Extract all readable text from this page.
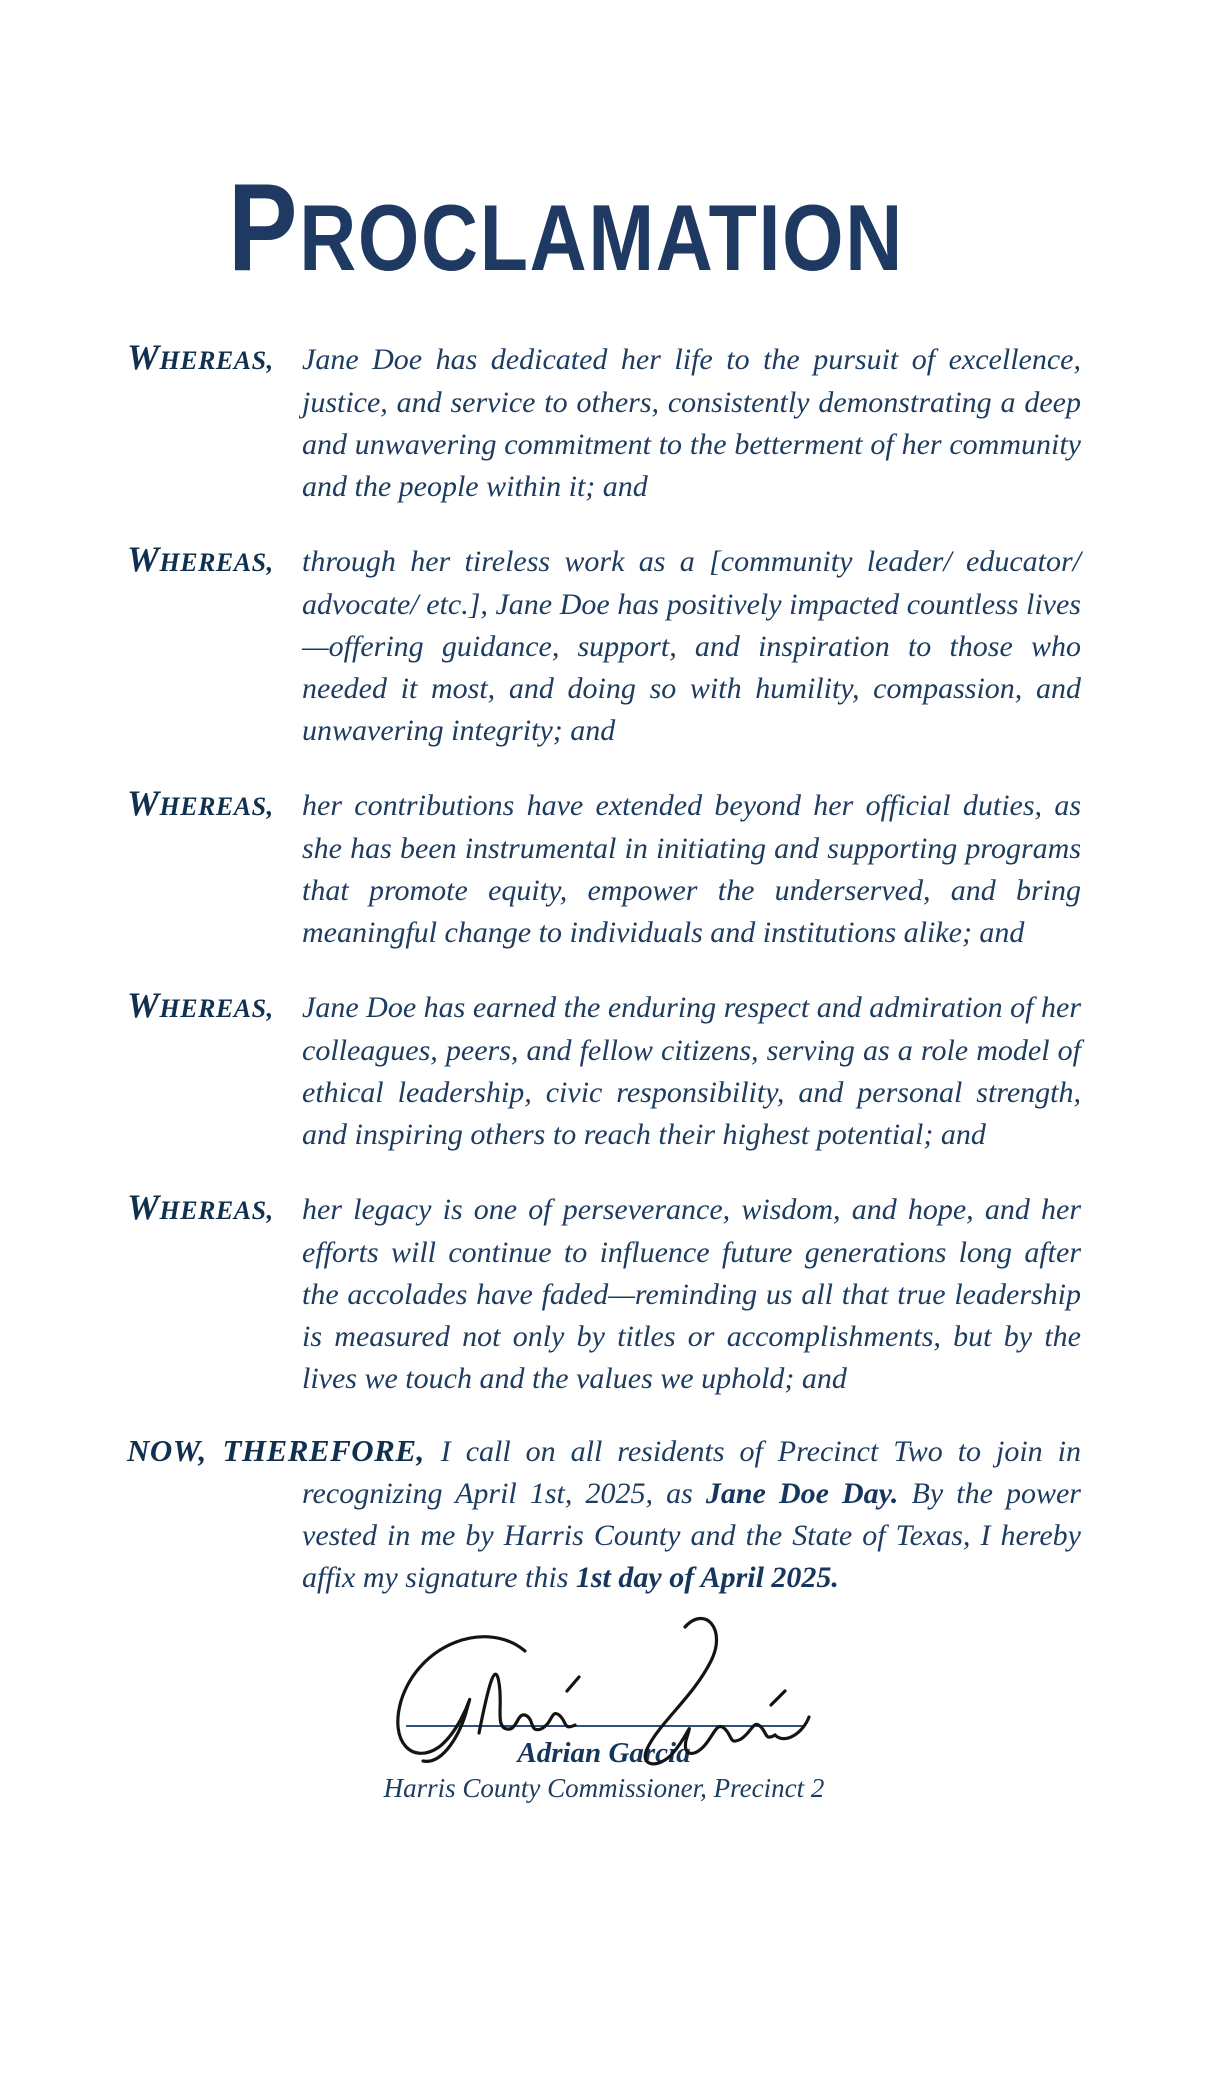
PROCLAMATION
WHEREAS, Jane Doe has dedicated her life to the pursuit of excellence, justice, and service to others, consistently demonstrating a deep and unwavering commitment to the betterment of her community and the people within it; and
WHEREAS, through her tireless work as a [community leader/ educator/ advocate/ etc.], Jane Doe has positively impacted countless lives—offering guidance, support, and inspiration to those who needed it most, and doing so with humility, compassion, and unwavering integrity; and
WHEREAS, her contributions have extended beyond her official duties, as she has been instrumental in initiating and supporting programs that promote equity, empower the underserved, and bring meaningful change to individuals and institutions alike; and
WHEREAS, Jane Doe has earned the enduring respect and admiration of her colleagues, peers, and fellow citizens, serving as a role model of ethical leadership, civic responsibility, and personal strength, and inspiring others to reach their highest potential; and
WHEREAS, her legacy is one of perseverance, wisdom, and hope, and her efforts will continue to influence future generations long after the accolades have faded—reminding us all that true leadership is measured not only by titles or accomplishments, but by the lives we touch and the values we uphold; and
NOW, THEREFORE, I call on all residents of Precinct Two to join in recognizing April 1st, 2025, as Jane Doe Day. By the power vested in me by Harris County and the State of Texas, I hereby affix my signature this 1st day of April 2025.
Adrian Garcia
Harris County Commissioner, Precinct 2
